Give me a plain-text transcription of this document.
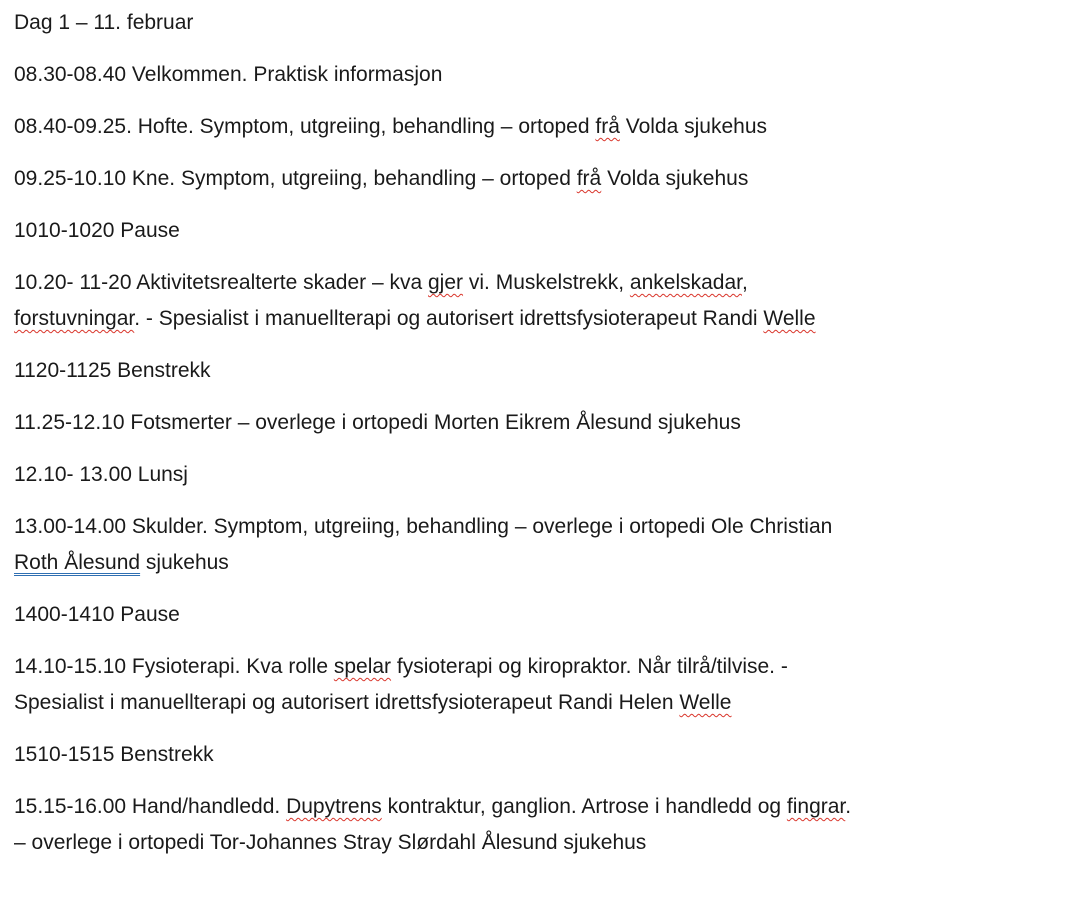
Dag 1 – 11. februar

08.30-08.40 Velkommen. Praktisk informasjon

08.40-09.25. Hofte. Symptom, utgreiing, behandling – ortoped frå Volda sjukehus

09.25-10.10 Kne. Symptom, utgreiing, behandling – ortoped frå Volda sjukehus

1010-1020 Pause

10.20- 11-20 Aktivitetsrealterte skader – kva gjer vi. Muskelstrekk, ankelskadar,
forstuvningar. - Spesialist i manuellterapi og autorisert idrettsfysioterapeut Randi Welle

1120-1125 Benstrekk

11.25-12.10 Fotsmerter – overlege i ortopedi Morten Eikrem Ålesund sjukehus

12.10- 13.00 Lunsj

13.00-14.00 Skulder. Symptom, utgreiing, behandling – overlege i ortopedi Ole Christian
Roth Ålesund sjukehus

1400-1410 Pause

14.10-15.10 Fysioterapi. Kva rolle spelar fysioterapi og kiropraktor. Når tilrå/tilvise. -
Spesialist i manuellterapi og autorisert idrettsfysioterapeut Randi Helen Welle

1510-1515 Benstrekk

15.15-16.00 Hand/handledd. Dupytrens kontraktur, ganglion. Artrose i handledd og fingrar.
– overlege i ortopedi Tor-Johannes Stray Slørdahl Ålesund sjukehus
